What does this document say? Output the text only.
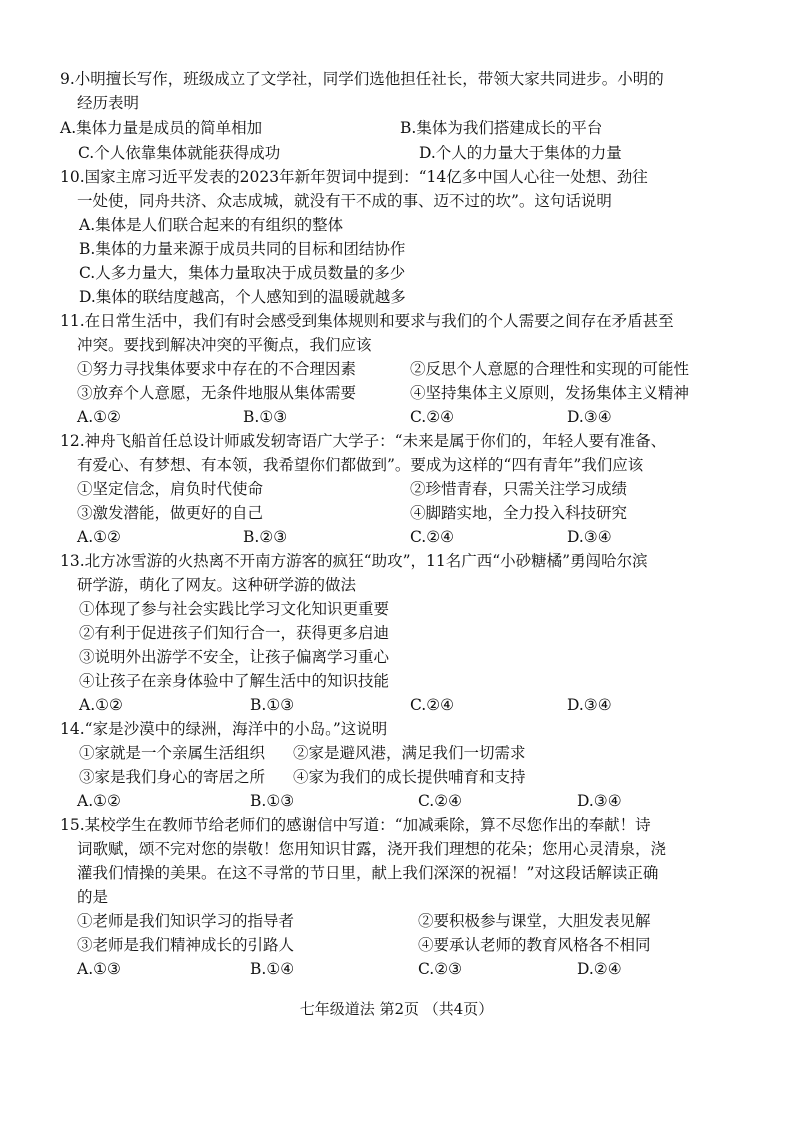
9.小明擅长写作，班级成立了文学社，同学们选他担任社长，带领大家共同进步。小明的
经历表明
A.集体力量是成员的简单相加	B.集体为我们搭建成长的平台
C.个人依靠集体就能获得成功	D.个人的力量大于集体的力量
10.国家主席习近平发表的2023年新年贺词中提到：“14亿多中国人心往一处想、劲往
一处使，同舟共济、众志成城，就没有干不成的事、迈不过的坎”。这句话说明
A.集体是人们联合起来的有组织的整体
B.集体的力量来源于成员共同的目标和团结协作
C.人多力量大，集体力量取决于成员数量的多少
D.集体的联结度越高，个人感知到的温暖就越多
11.在日常生活中，我们有时会感受到集体规则和要求与我们的个人需要之间存在矛盾甚至
冲突。要找到解决冲突的平衡点，我们应该
①努力寻找集体要求中存在的不合理因素	②反思个人意愿的合理性和实现的可能性
③放弃个人意愿，无条件地服从集体需要	④坚持集体主义原则，发扬集体主义精神
A.①②	B.①③	C.②④	D.③④
12.神舟飞船首任总设计师戚发轫寄语广大学子：“未来是属于你们的，年轻人要有准备、
有爱心、有梦想、有本领，我希望你们都做到”。要成为这样的“四有青年”我们应该
①坚定信念，肩负时代使命	②珍惜青春，只需关注学习成绩
③激发潜能，做更好的自己	④脚踏实地，全力投入科技研究
A.①②	B.②③	C.②④	D.③④
13.北方冰雪游的火热离不开南方游客的疯狂“助攻”，11名广西“小砂糖橘”勇闯哈尔滨
研学游，萌化了网友。这种研学游的做法
①体现了参与社会实践比学习文化知识更重要
②有利于促进孩子们知行合一，获得更多启迪
③说明外出游学不安全，让孩子偏离学习重心
④让孩子在亲身体验中了解生活中的知识技能
A.①②	B.①③	C.②④	D.③④
14.“家是沙漠中的绿洲，海洋中的小岛。”这说明
①家就是一个亲属生活组织 ②家是避风港，满足我们一切需求
③家是我们身心的寄居之所 ④家为我们的成长提供哺育和支持
A.①②	B.①③	C.②④	D.③④
15.某校学生在教师节给老师们的感谢信中写道：“加减乘除，算不尽您作出的奉献！诗
词歌赋，颂不完对您的崇敬！您用知识甘露，浇开我们理想的花朵；您用心灵清泉，浇
灌我们情操的美果。在这不寻常的节日里，献上我们深深的祝福！”对这段话解读正确
的是
①老师是我们知识学习的指导者	②要积极参与课堂，大胆发表见解
③老师是我们精神成长的引路人	④要承认老师的教育风格各不相同
A.①③	B.①④	C.②③	D.②④
七年级道法 第2页 （共4页）
